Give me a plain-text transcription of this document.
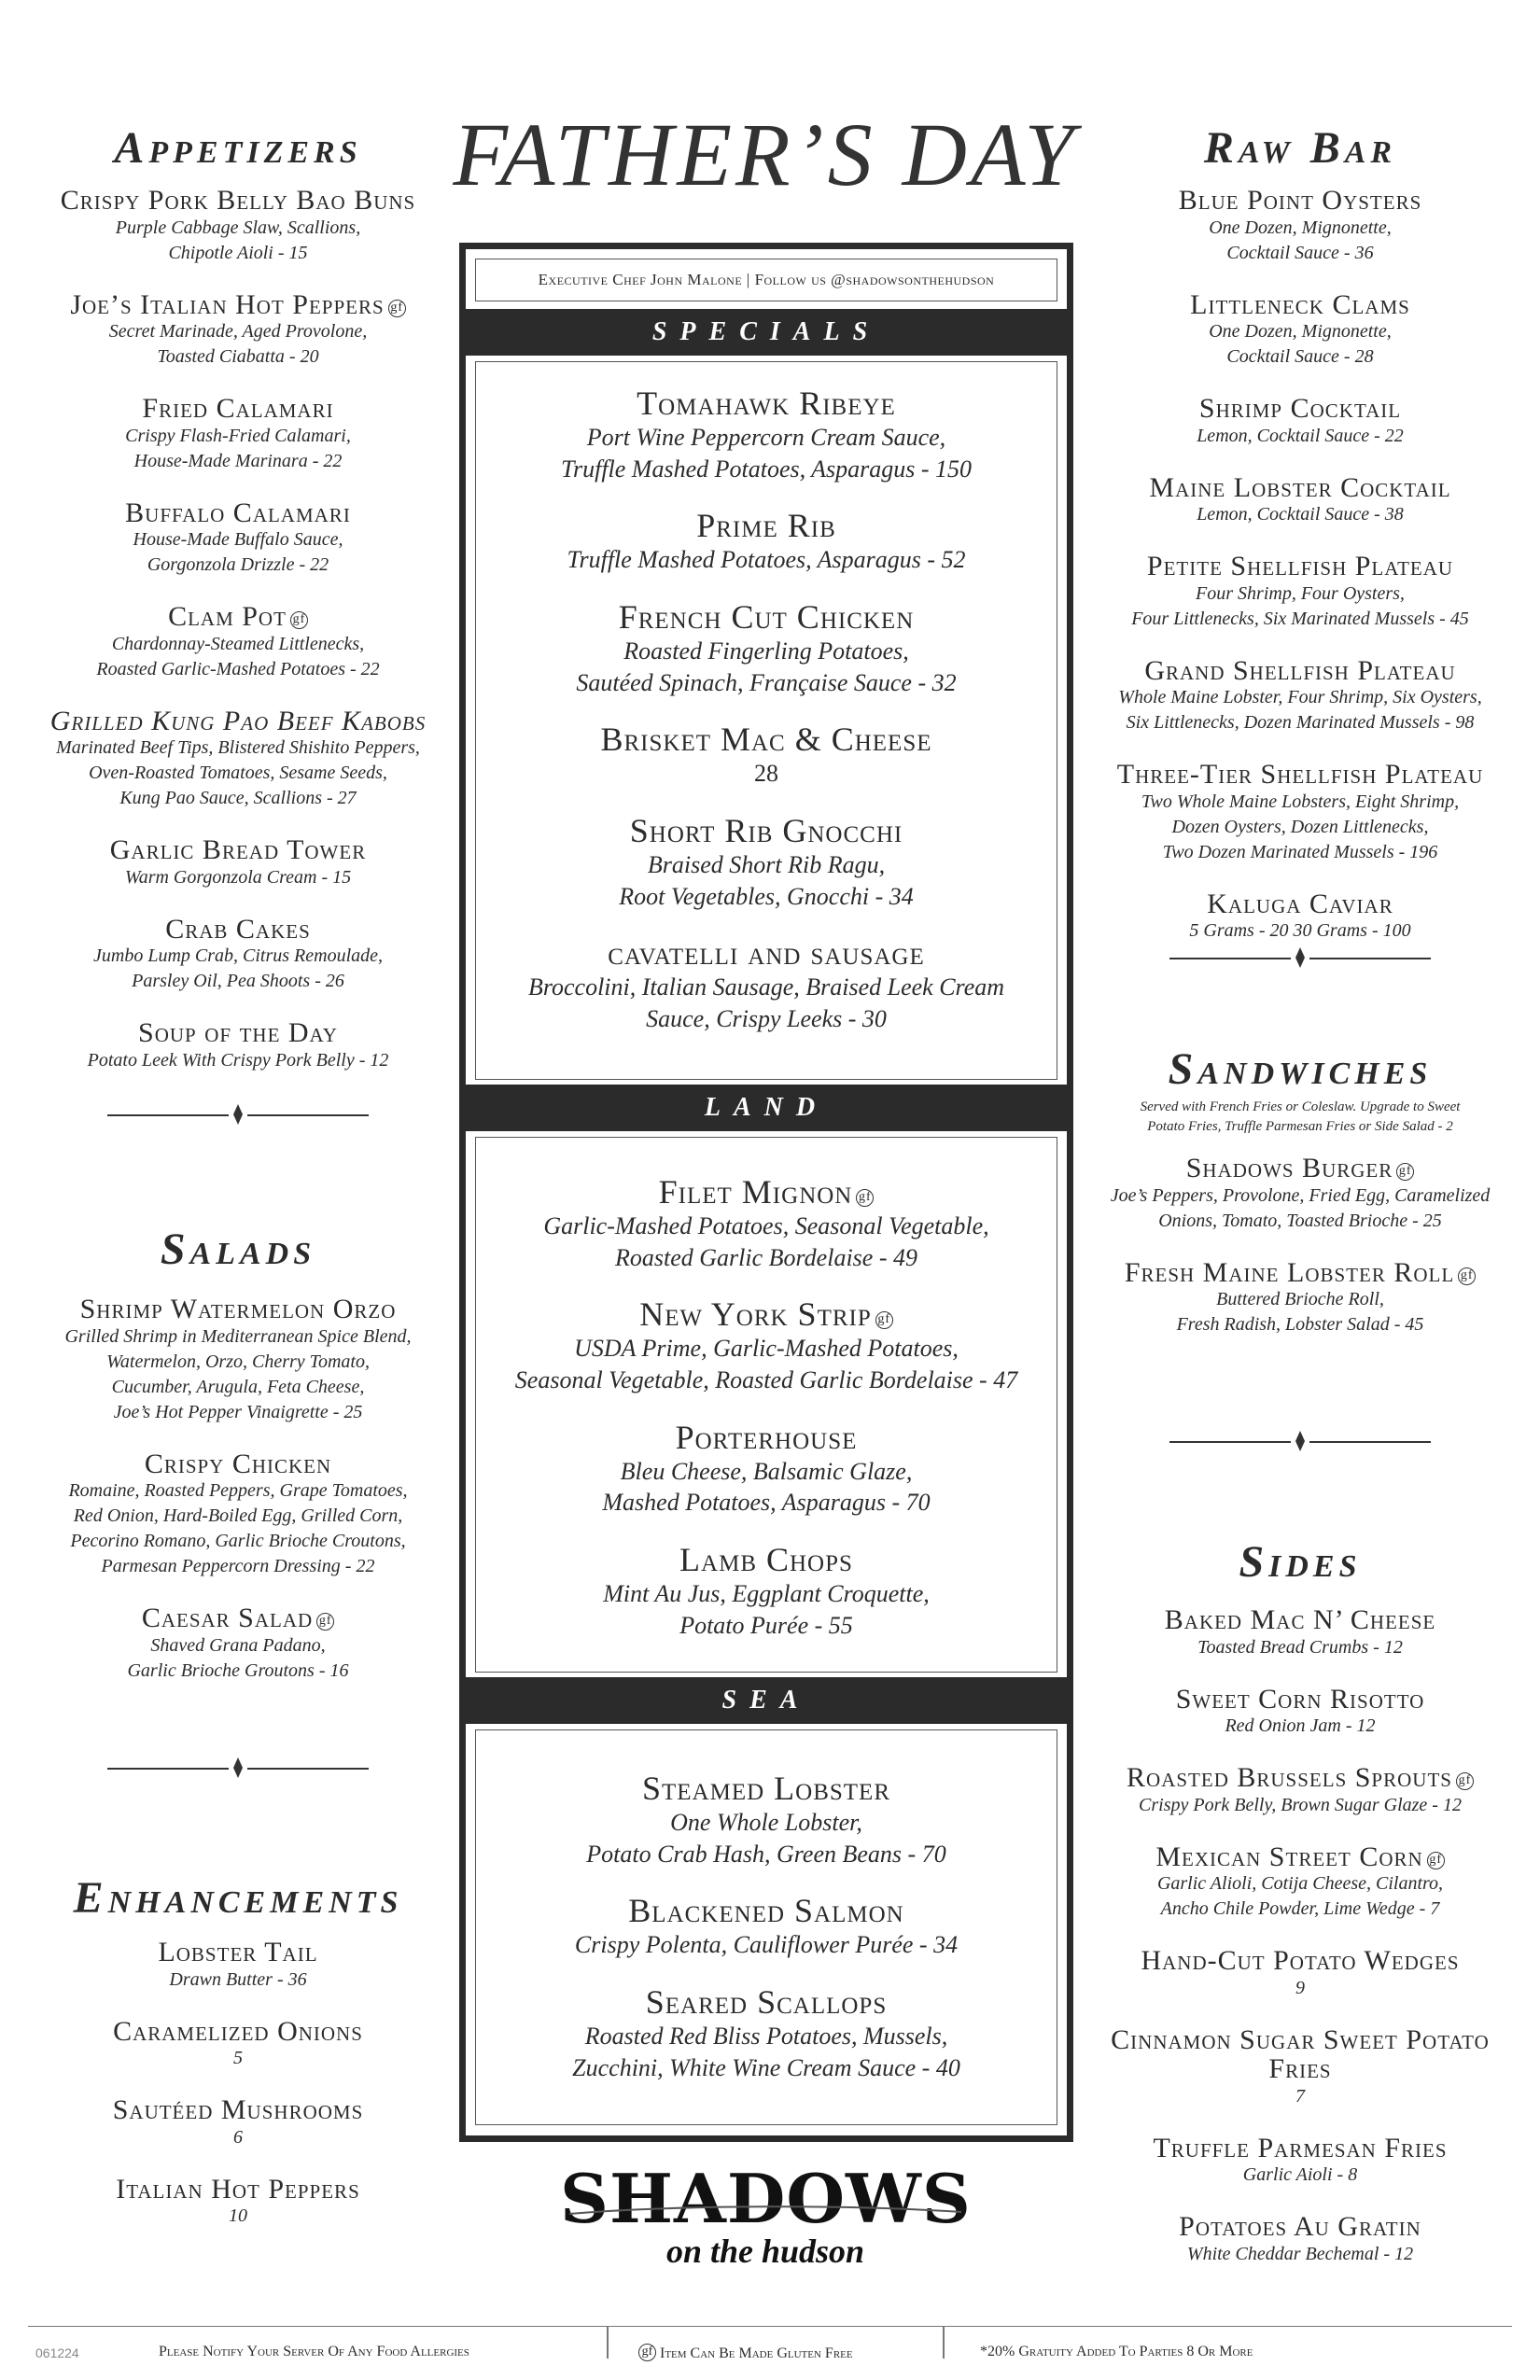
Appetizers
Crispy Pork Belly Bao Buns
Purple Cabbage Slaw, Scallions,
Chipotle Aioli - 15
Joe’s Italian Hot Peppers gf
Secret Marinade, Aged Provolone,
Toasted Ciabatta - 20
Fried Calamari
Crispy Flash-Fried Calamari,
House-Made Marinara - 22
Buffalo Calamari
House-Made Buffalo Sauce,
Gorgonzola Drizzle - 22
Clam Pot gf
Chardonnay-Steamed Littlenecks,
Roasted Garlic-Mashed Potatoes - 22
Grilled Kung Pao Beef Kabobs
Marinated Beef Tips, Blistered Shishito Peppers,
Oven-Roasted Tomatoes, Sesame Seeds,
Kung Pao Sauce, Scallions - 27
Garlic Bread Tower
Warm Gorgonzola Cream - 15
Crab Cakes
Jumbo Lump Crab, Citrus Remoulade,
Parsley Oil, Pea Shoots - 26
Soup of the Day
Potato Leek With Crispy Pork Belly - 12
Salads
Shrimp Watermelon Orzo
Grilled Shrimp in Mediterranean Spice Blend,
Watermelon, Orzo, Cherry Tomato,
Cucumber, Arugula, Feta Cheese,
Joe’s Hot Pepper Vinaigrette - 25
Crispy Chicken
Romaine, Roasted Peppers, Grape Tomatoes,
Red Onion, Hard-Boiled Egg, Grilled Corn,
Pecorino Romano, Garlic Brioche Croutons,
Parmesan Peppercorn Dressing - 22
Caesar Salad gf
Shaved Grana Padano,
Garlic Brioche Groutons - 16
Enhancements
Lobster Tail
Drawn Butter - 36
Caramelized Onions
5
Sautéed Mushrooms
6
Italian Hot Peppers
10
FATHER’S DAY
Executive Chef John Malone | Follow us @shadowsonthehudson
SPECIALS
Tomahawk Ribeye
Port Wine Peppercorn Cream Sauce,
Truffle Mashed Potatoes, Asparagus - 150
Prime Rib
Truffle Mashed Potatoes, Asparagus - 52
French Cut Chicken
Roasted Fingerling Potatoes,
Sautéed Spinach, Française Sauce - 32
Brisket Mac & Cheese
28
Short Rib Gnocchi
Braised Short Rib Ragu,
Root Vegetables, Gnocchi - 34
cavatelli and sausage
Broccolini, Italian Sausage, Braised Leek Cream
Sauce, Crispy Leeks - 30
LAND
Filet Mignon gf
Garlic-Mashed Potatoes, Seasonal Vegetable,
Roasted Garlic Bordelaise - 49
New York Strip gf
USDA Prime, Garlic-Mashed Potatoes,
Seasonal Vegetable, Roasted Garlic Bordelaise - 47
Porterhouse
Bleu Cheese, Balsamic Glaze,
Mashed Potatoes, Asparagus - 70
Lamb Chops
Mint Au Jus, Eggplant Croquette,
Potato Purée - 55
SEA
Steamed Lobster
One Whole Lobster,
Potato Crab Hash, Green Beans - 70
Blackened Salmon
Crispy Polenta, Cauliflower Purée - 34
Seared Scallops
Roasted Red Bliss Potatoes, Mussels,
Zucchini, White Wine Cream Sauce - 40
Raw Bar
Blue Point Oysters
One Dozen, Mignonette,
Cocktail Sauce - 36
Littleneck Clams
One Dozen, Mignonette,
Cocktail Sauce - 28
Shrimp Cocktail
Lemon, Cocktail Sauce - 22
Maine Lobster Cocktail
Lemon, Cocktail Sauce - 38
Petite Shellfish Plateau
Four Shrimp, Four Oysters,
Four Littlenecks, Six Marinated Mussels - 45
Grand Shellfish Plateau
Whole Maine Lobster, Four Shrimp, Six Oysters,
Six Littlenecks, Dozen Marinated Mussels - 98
Three-Tier Shellfish Plateau
Two Whole Maine Lobsters, Eight Shrimp,
Dozen Oysters, Dozen Littlenecks,
Two Dozen Marinated Mussels - 196
Kaluga Caviar
5 Grams - 20 30 Grams - 100
Sandwiches
Served with French Fries or Coleslaw. Upgrade to Sweet
Potato Fries, Truffle Parmesan Fries or Side Salad - 2
Shadows Burger gf
Joe’s Peppers, Provolone, Fried Egg, Caramelized
Onions, Tomato, Toasted Brioche - 25
Fresh Maine Lobster Roll gf
Buttered Brioche Roll,
Fresh Radish, Lobster Salad - 45
Sides
Baked Mac N’ Cheese
Toasted Bread Crumbs - 12
Sweet Corn Risotto
Red Onion Jam - 12
Roasted Brussels Sprouts gf
Crispy Pork Belly, Brown Sugar Glaze - 12
Mexican Street Corn gf
Garlic Alioli, Cotija Cheese, Cilantro,
Ancho Chile Powder, Lime Wedge - 7
Hand-Cut Potato Wedges
9
Cinnamon Sugar Sweet Potato Fries
7
Truffle Parmesan Fries
Garlic Aioli - 8
Potatoes Au Gratin
White Cheddar Bechemal - 12
SHADOWS
on the hudson
061224	Please Notify Your Server Of Any Food Allergies	gf Item Can Be Made Gluten Free	*20% Gratuity Added To Parties 8 Or More
